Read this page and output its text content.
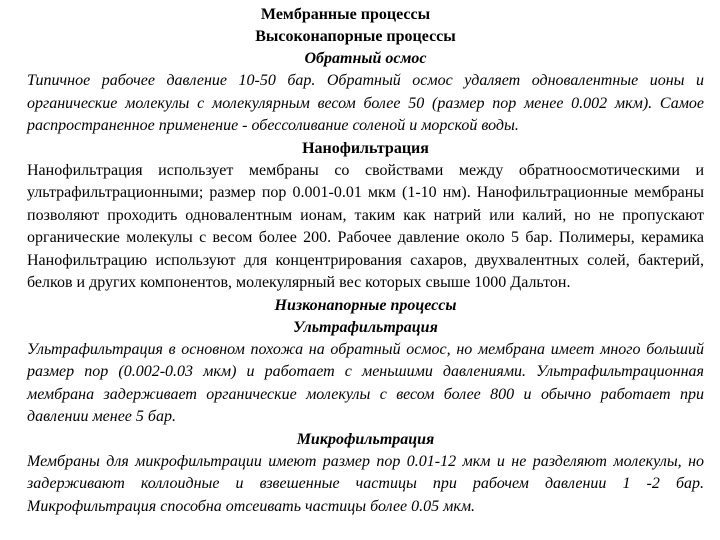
Мембранные процессы
Высоконапорные процессы
Обратный осмос

Типичное рабочее давление 10-50 бар. Обратный осмос удаляет одновалентные ионы и органические молекулы с молекулярным весом более 50 (размер пор менее 0.002 мкм). Самое распространенное применение - обессоливание соленой и морской воды.

Нанофильтрация

Нанофильтрация использует мембраны со свойствами между обратноосмотическими и ультрафильтрационными; размер пор 0.001-0.01 мкм (1-10 нм). Нанофильтрационные мембраны позволяют проходить одновалентным ионам, таким как натрий или калий, но не пропускают органические молекулы с весом более 200. Рабочее давление около 5 бар. Полимеры, керамика Нанофильтрацию используют для концентрирования сахаров, двухвалентных солей, бактерий, белков и других компонентов, молекулярный вес которых свыше 1000 Дальтон.

Низконапорные процессы
Ультрафильтрация

Ультрафильтрация в основном похожа на обратный осмос, но мембрана имеет много больший размер пор (0.002-0.03 мкм) и работает с меньшими давлениями. Ультрафильтрационная мембрана задерживает органические молекулы с весом более 800 и обычно работает при давлении менее 5 бар.

Микрофильтрация

Мембраны для микрофильтрации имеют размер пор 0.01-12 мкм и не разделяют молекулы, но задерживают коллоидные и взвешенные частицы при рабочем давлении 1 -2 бар. Микрофильтрация способна отсеивать частицы более 0.05 мкм.
